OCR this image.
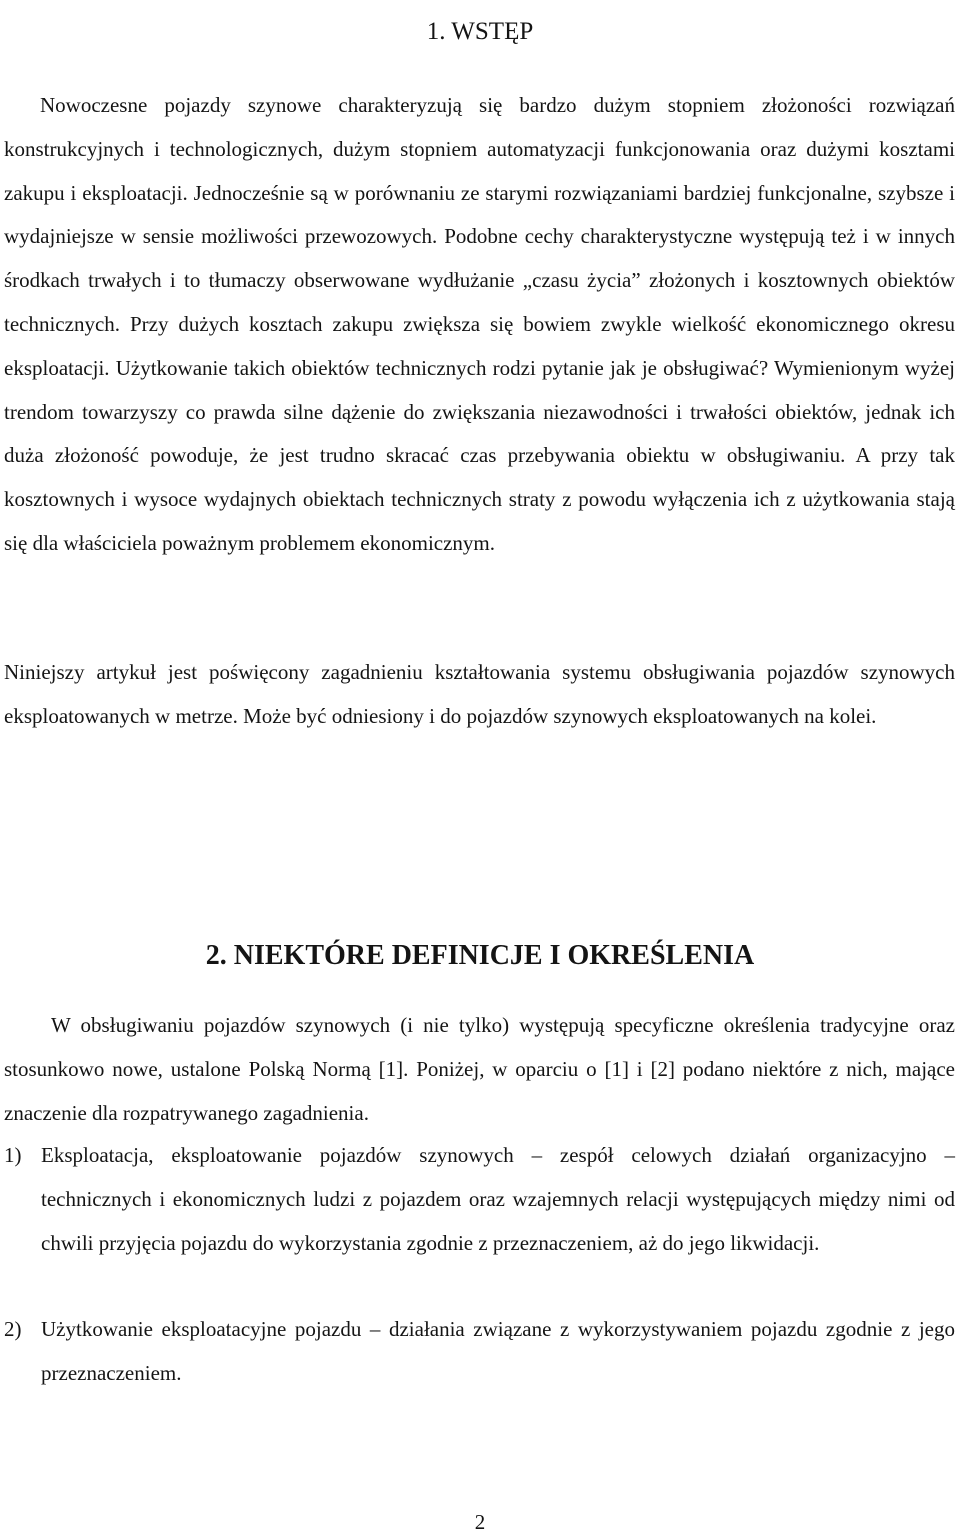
1. WSTĘP

Nowoczesne pojazdy szynowe charakteryzują się bardzo dużym stopniem złożoności rozwiązań konstrukcyjnych i technologicznych, dużym stopniem automatyzacji funkcjonowania oraz dużymi kosztami zakupu i eksploatacji. Jednocześnie są w porównaniu ze starymi rozwiązaniami bardziej funkcjonalne, szybsze i wydajniejsze w sensie możliwości przewozowych. Podobne cechy charakterystyczne występują też i w innych środkach trwałych i to tłumaczy obserwowane wydłużanie „czasu życia” złożonych i kosztownych obiektów technicznych. Przy dużych kosztach zakupu zwiększa się bowiem zwykle wielkość ekonomicznego okresu eksploatacji. Użytkowanie takich obiektów technicznych rodzi pytanie jak je obsługiwać? Wymienionym wyżej trendom towarzyszy co prawda silne dążenie do zwiększania niezawodności i trwałości obiektów, jednak ich duża złożoność powoduje, że jest trudno skracać czas przebywania obiektu w obsługiwaniu. A przy tak kosztownych i wysoce wydajnych obiektach technicznych straty z powodu wyłączenia ich z użytkowania stają się dla właściciela poważnym problemem ekonomicznym.

Niniejszy artykuł jest poświęcony zagadnieniu kształtowania systemu obsługiwania pojazdów szynowych eksploatowanych w metrze. Może być odniesiony i do pojazdów szynowych eksploatowanych na kolei.

2. NIEKTÓRE DEFINICJE I OKREŚLENIA

W obsługiwaniu pojazdów szynowych (i nie tylko) występują specyficzne określenia tradycyjne oraz stosunkowo nowe, ustalone Polską Normą [1]. Poniżej, w oparciu o [1] i [2] podano niektóre z nich, mające znaczenie dla rozpatrywanego zagadnienia.

1) Eksploatacja, eksploatowanie pojazdów szynowych – zespół celowych działań organizacyjno – technicznych i ekonomicznych ludzi z pojazdem oraz wzajemnych relacji występujących między nimi od chwili przyjęcia pojazdu do wykorzystania zgodnie z przeznaczeniem, aż do jego likwidacji.
2) Użytkowanie eksploatacyjne pojazdu – działania związane z wykorzystywaniem pojazdu zgodnie z jego przeznaczeniem.
2
